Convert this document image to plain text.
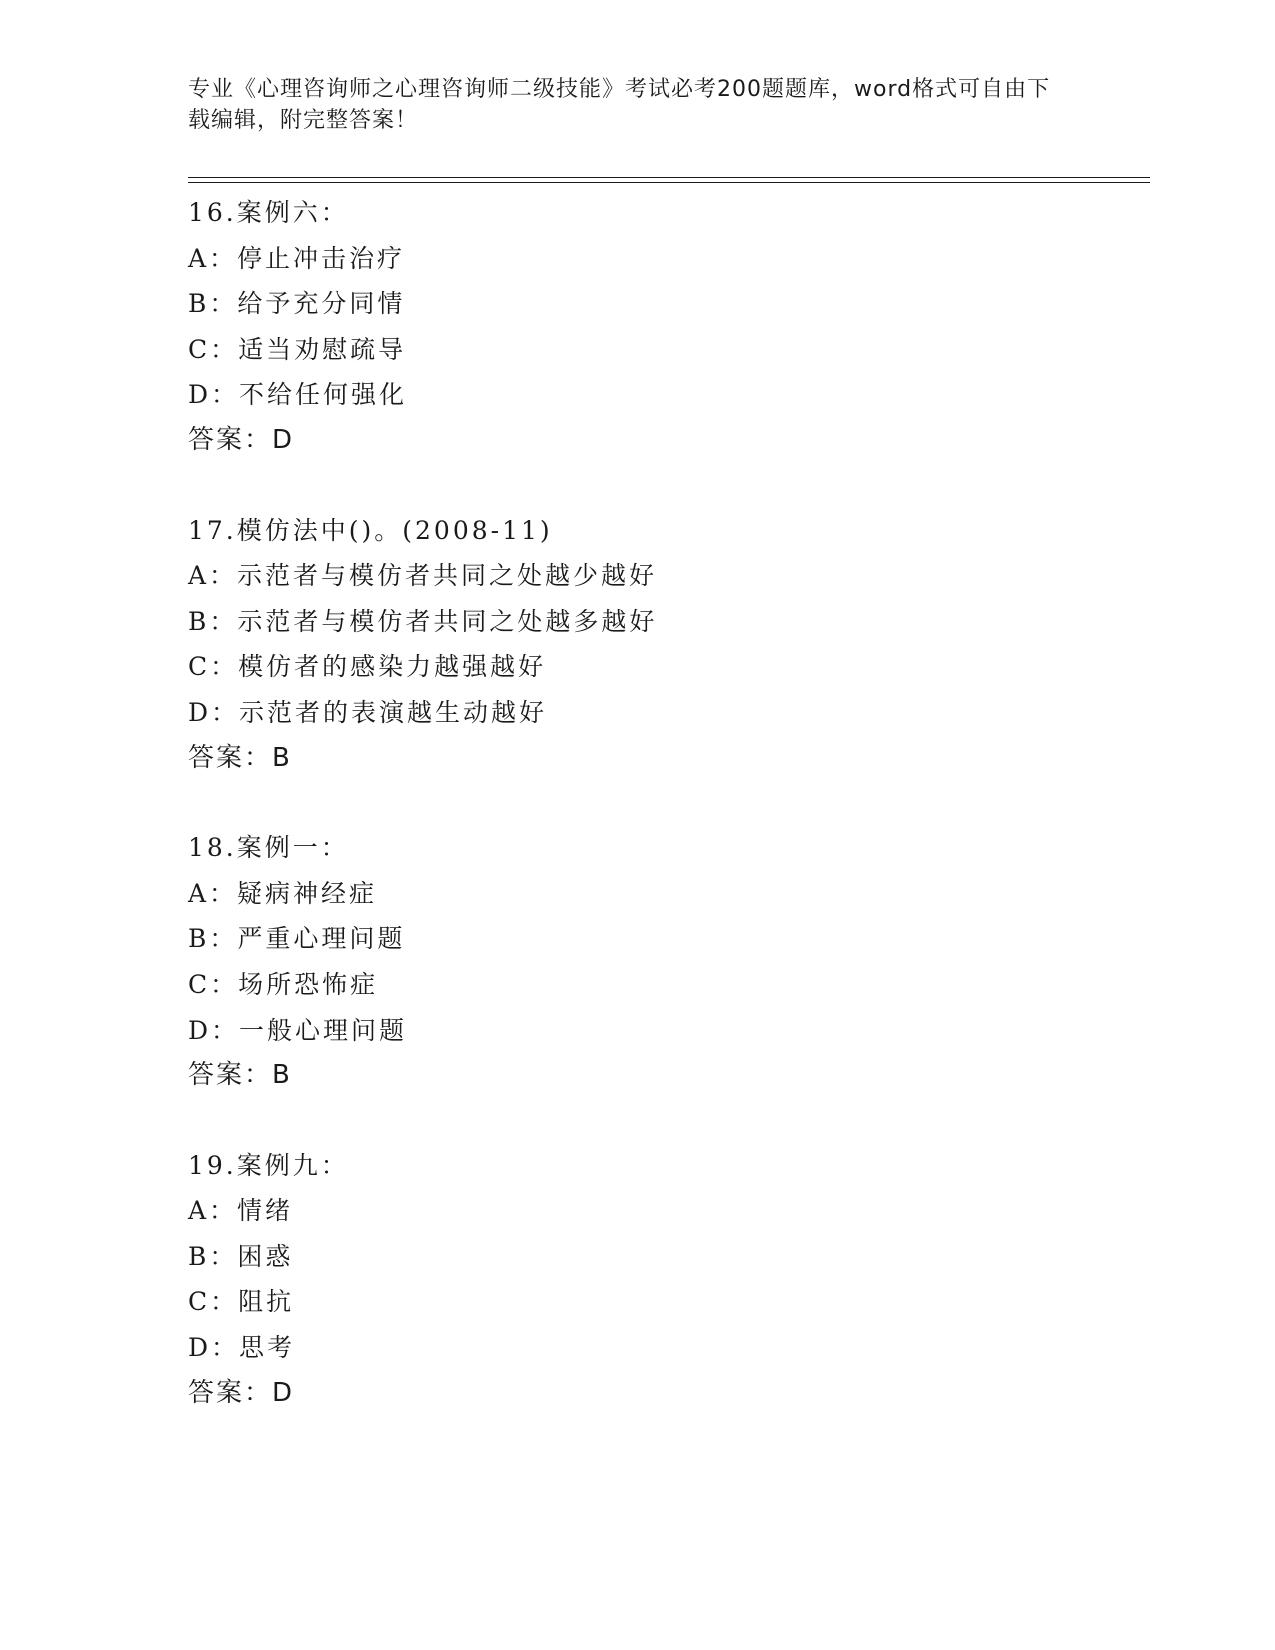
专业《心理咨询师之心理咨询师二级技能》考试必考200题题库，word格式可自由下载编辑，附完整答案！
16.案例六：
A：停止冲击治疗
B：给予充分同情
C：适当劝慰疏导
D：不给任何强化
答案：D
17.模仿法中()。(2008-11)
A：示范者与模仿者共同之处越少越好
B：示范者与模仿者共同之处越多越好
C：模仿者的感染力越强越好
D：示范者的表演越生动越好
答案：B
18.案例一：
A：疑病神经症
B：严重心理问题
C：场所恐怖症
D：一般心理问题
答案：B
19.案例九：
A：情绪
B：困惑
C：阻抗
D：思考
答案：D
